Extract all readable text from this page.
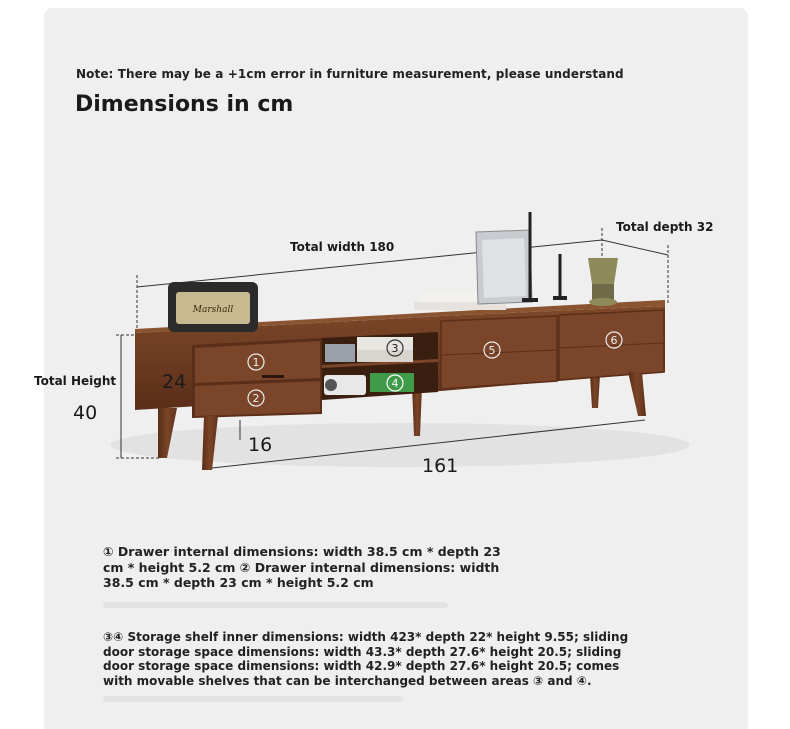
Note: There may be a +1cm error in furniture measurement, please understand
Dimensions in cm
Marshall
1
2
3
4
5
6
Total width 180
Total depth 32
Total Height
40
24
16
161
① Drawer internal dimensions: width 38.5 cm * depth 23 cm * height 5.2 cm ② Drawer internal dimensions: width 38.5 cm * depth 23 cm * height 5.2 cm
③④ Storage shelf inner dimensions: width 423* depth 22* height 9.55; sliding door storage space dimensions: width 43.3* depth 27.6* height 20.5; sliding door storage space dimensions: width 42.9* depth 27.6* height 20.5; comes with movable shelves that can be interchanged between areas ③ and ④.
